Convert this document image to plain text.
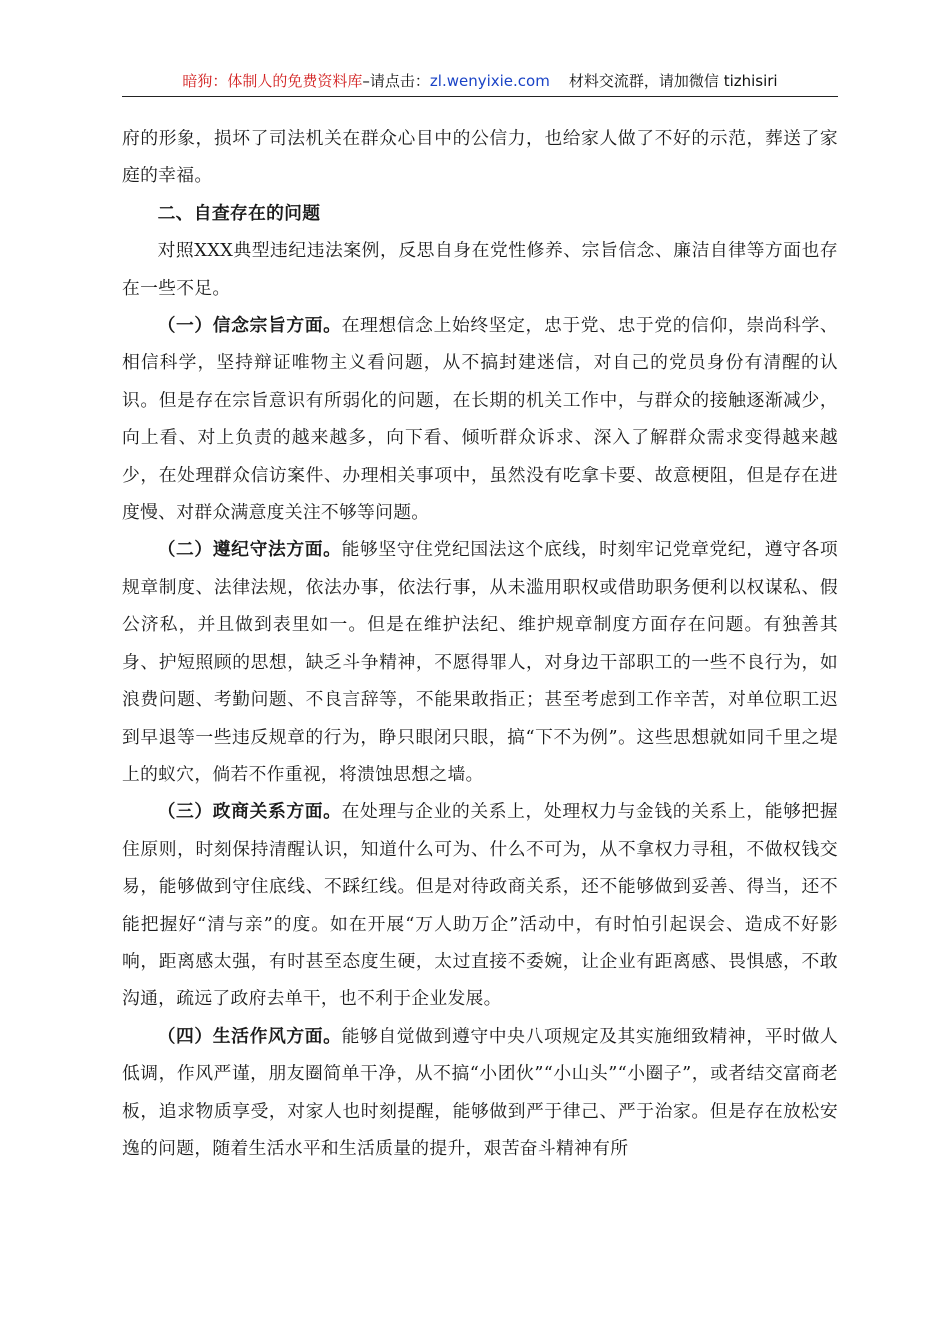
暗狗：体制人的免费资料库–请点击：zl.wenyixie.com 材料交流群，请加微信 tizhisiri

府的形象，损坏了司法机关在群众心目中的公信力，也给家人做了不好的示范，葬送了家庭的幸福。

二、自查存在的问题

对照XXX典型违纪违法案例，反思自身在党性修养、宗旨信念、廉洁自律等方面也存在一些不足。

（一）信念宗旨方面。在理想信念上始终坚定，忠于党、忠于党的信仰，崇尚科学、相信科学，坚持辩证唯物主义看问题，从不搞封建迷信，对自己的党员身份有清醒的认识。但是存在宗旨意识有所弱化的问题，在长期的机关工作中，与群众的接触逐渐减少，向上看、对上负责的越来越多，向下看、倾听群众诉求、深入了解群众需求变得越来越少，在处理群众信访案件、办理相关事项中，虽然没有吃拿卡要、故意梗阻，但是存在进度慢、对群众满意度关注不够等问题。

（二）遵纪守法方面。能够坚守住党纪国法这个底线，时刻牢记党章党纪，遵守各项规章制度、法律法规，依法办事，依法行事，从未滥用职权或借助职务便利以权谋私、假公济私，并且做到表里如一。但是在维护法纪、维护规章制度方面存在问题。有独善其身、护短照顾的思想，缺乏斗争精神，不愿得罪人，对身边干部职工的一些不良行为，如浪费问题、考勤问题、不良言辞等，不能果敢指正；甚至考虑到工作辛苦，对单位职工迟到早退等一些违反规章的行为，睁只眼闭只眼，搞“下不为例”。这些思想就如同千里之堤上的蚁穴，倘若不作重视，将溃蚀思想之墙。

（三）政商关系方面。在处理与企业的关系上，处理权力与金钱的关系上，能够把握住原则，时刻保持清醒认识，知道什么可为、什么不可为，从不拿权力寻租，不做权钱交易，能够做到守住底线、不踩红线。但是对待政商关系，还不能够做到妥善、得当，还不能把握好“清与亲”的度。如在开展“万人助万企”活动中，有时怕引起误会、造成不好影响，距离感太强，有时甚至态度生硬，太过直接不委婉，让企业有距离感、畏惧感，不敢沟通，疏远了政府去单干，也不利于企业发展。

（四）生活作风方面。能够自觉做到遵守中央八项规定及其实施细致精神，平时做人低调，作风严谨，朋友圈简单干净，从不搞“小团伙”“小山头”“小圈子”，或者结交富商老板，追求物质享受，对家人也时刻提醒，能够做到严于律己、严于治家。但是存在放松安逸的问题，随着生活水平和生活质量的提升，艰苦奋斗精神有所
